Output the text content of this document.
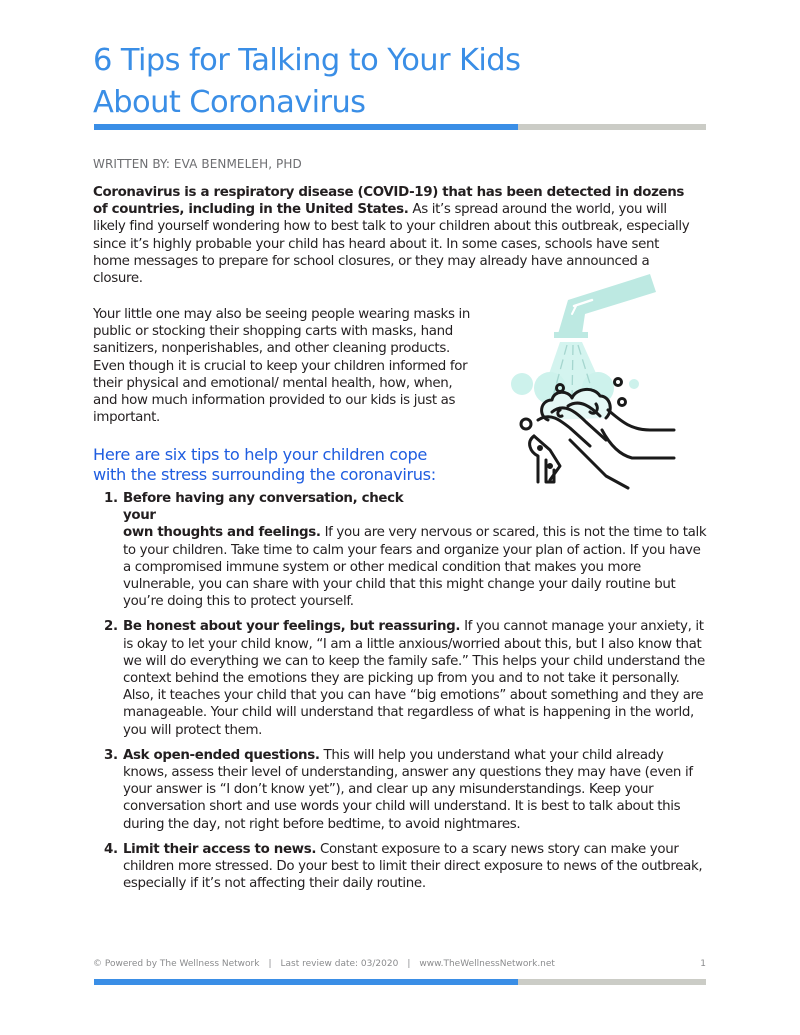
6 Tips for Talking to Your Kids
About Coronavirus
WRITTEN BY: EVA BENMELEH, PHD

Coronavirus is a respiratory disease (COVID-19) that has been detected in dozens of countries, including in the United States. As it’s spread around the world, you will likely find yourself wondering how to best talk to your children about this outbreak, especially since it’s highly probable your child has heard about it. In some cases, schools have sent home messages to prepare for school closures, or they may already have announced a closure.

Your little one may also be seeing people wearing masks in public or stocking their shopping carts with masks, hand sanitizers, nonperishables, and other cleaning products. Even though it is crucial to keep your children informed for their physical and emotional/ mental health, how, when, and how much information provided to our kids is just as important.

Here are six tips to help your children cope
with the stress surrounding the coronavirus:
1. Before having any conversation, check your
own thoughts and feelings. If you are very nervous or scared, this is not the time to talk to your children. Take time to calm your fears and organize your plan of action. If you have a compromised immune system or other medical condition that makes you more vulnerable, you can share with your child that this might change your daily routine but you’re doing this to protect yourself.
2. Be honest about your feelings, but reassuring. If you cannot manage your anxiety, it is okay to let your child know, “I am a little anxious/worried about this, but I also know that we will do everything we can to keep the family safe.” This helps your child understand the context behind the emotions they are picking up from you and to not take it personally. Also, it teaches your child that you can have “big emotions” about something and they are manageable. Your child will understand that regardless of what is happening in the world, you will protect them.
3. Ask open-ended questions. This will help you understand what your child already knows, assess their level of understanding, answer any questions they may have (even if your answer is “I don’t know yet”), and clear up any misunderstandings. Keep your conversation short and use words your child will understand. It is best to talk about this during the day, not right before bedtime, to avoid nightmares.
4. Limit their access to news. Constant exposure to a scary news story can make your children more stressed. Do your best to limit their direct exposure to news of the outbreak, especially if it’s not affecting their daily routine.
© Powered by The Wellness Network | Last review date: 03/2020 | www.TheWellnessNetwork.net	1
